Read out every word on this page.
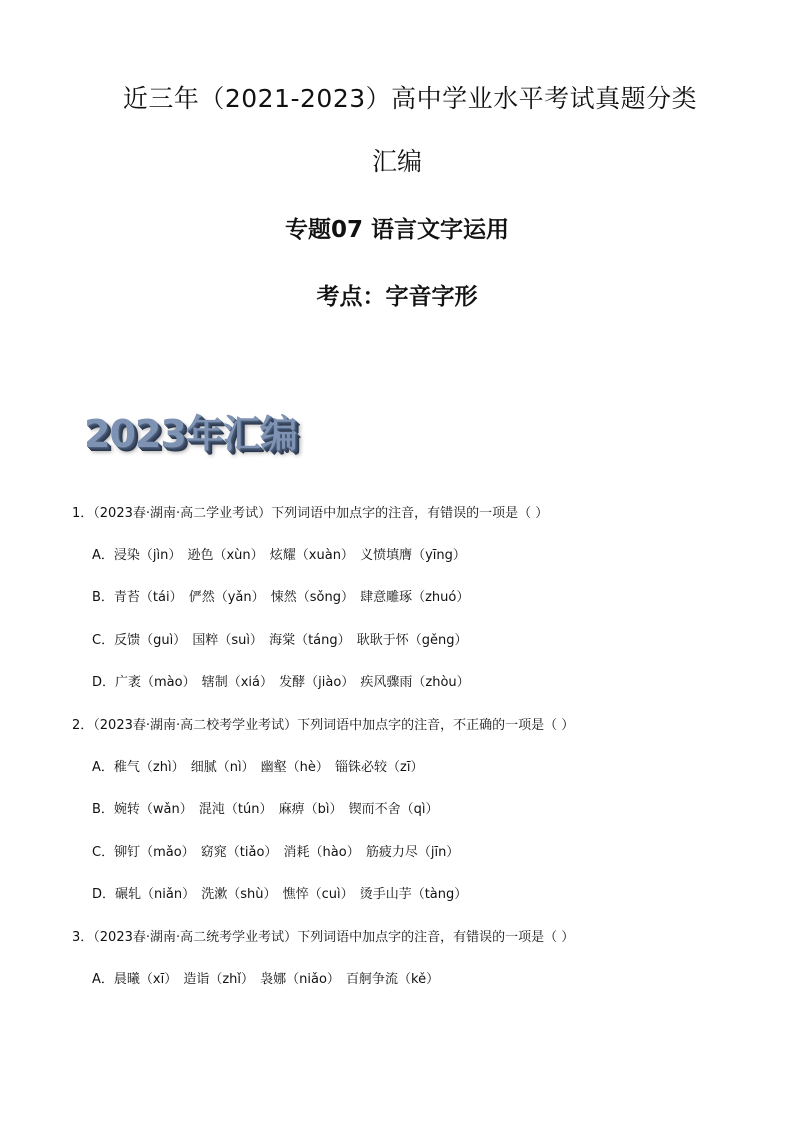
近三年（2021-2023）高中学业水平考试真题分类
汇编
专题07 语言文字运用
考点：字音字形
2023年汇编
1．（2023春·湖南·高二学业考试）下列词语中加点字的注音，有错误的一项是（ ）
A．浸染（jìn） 逊色（xùn） 炫耀（xuàn） 义愤填膺（yīng）
B．青苔（tái） 俨然（yǎn） 悚然（sǒng） 肆意雕琢（zhuó）
C．反馈（guì） 国粹（suì） 海棠（táng） 耿耿于怀（gěng）
D．广袤（mào） 辖制（xiá） 发酵（jiào） 疾风骤雨（zhòu）
2．（2023春·湖南·高二校考学业考试）下列词语中加点字的注音，不正确的一项是（ ）
A．稚气（zhì） 细腻（nì） 幽壑（hè） 锱铢必较（zī）
B．婉转（wǎn） 混沌（tún） 麻痹（bì） 锲而不舍（qì）
C．铆钉（mǎo） 窈窕（tiǎo） 消耗（hào） 筋疲力尽（jīn）
D．碾轧（niǎn） 洗漱（shù） 憔悴（cuì） 烫手山芋（tàng）
3．（2023春·湖南·高二统考学业考试）下列词语中加点字的注音，有错误的一项是（ ）
A．晨曦（xī） 造诣（zhǐ） 袅娜（niǎo） 百舸争流（kě）
